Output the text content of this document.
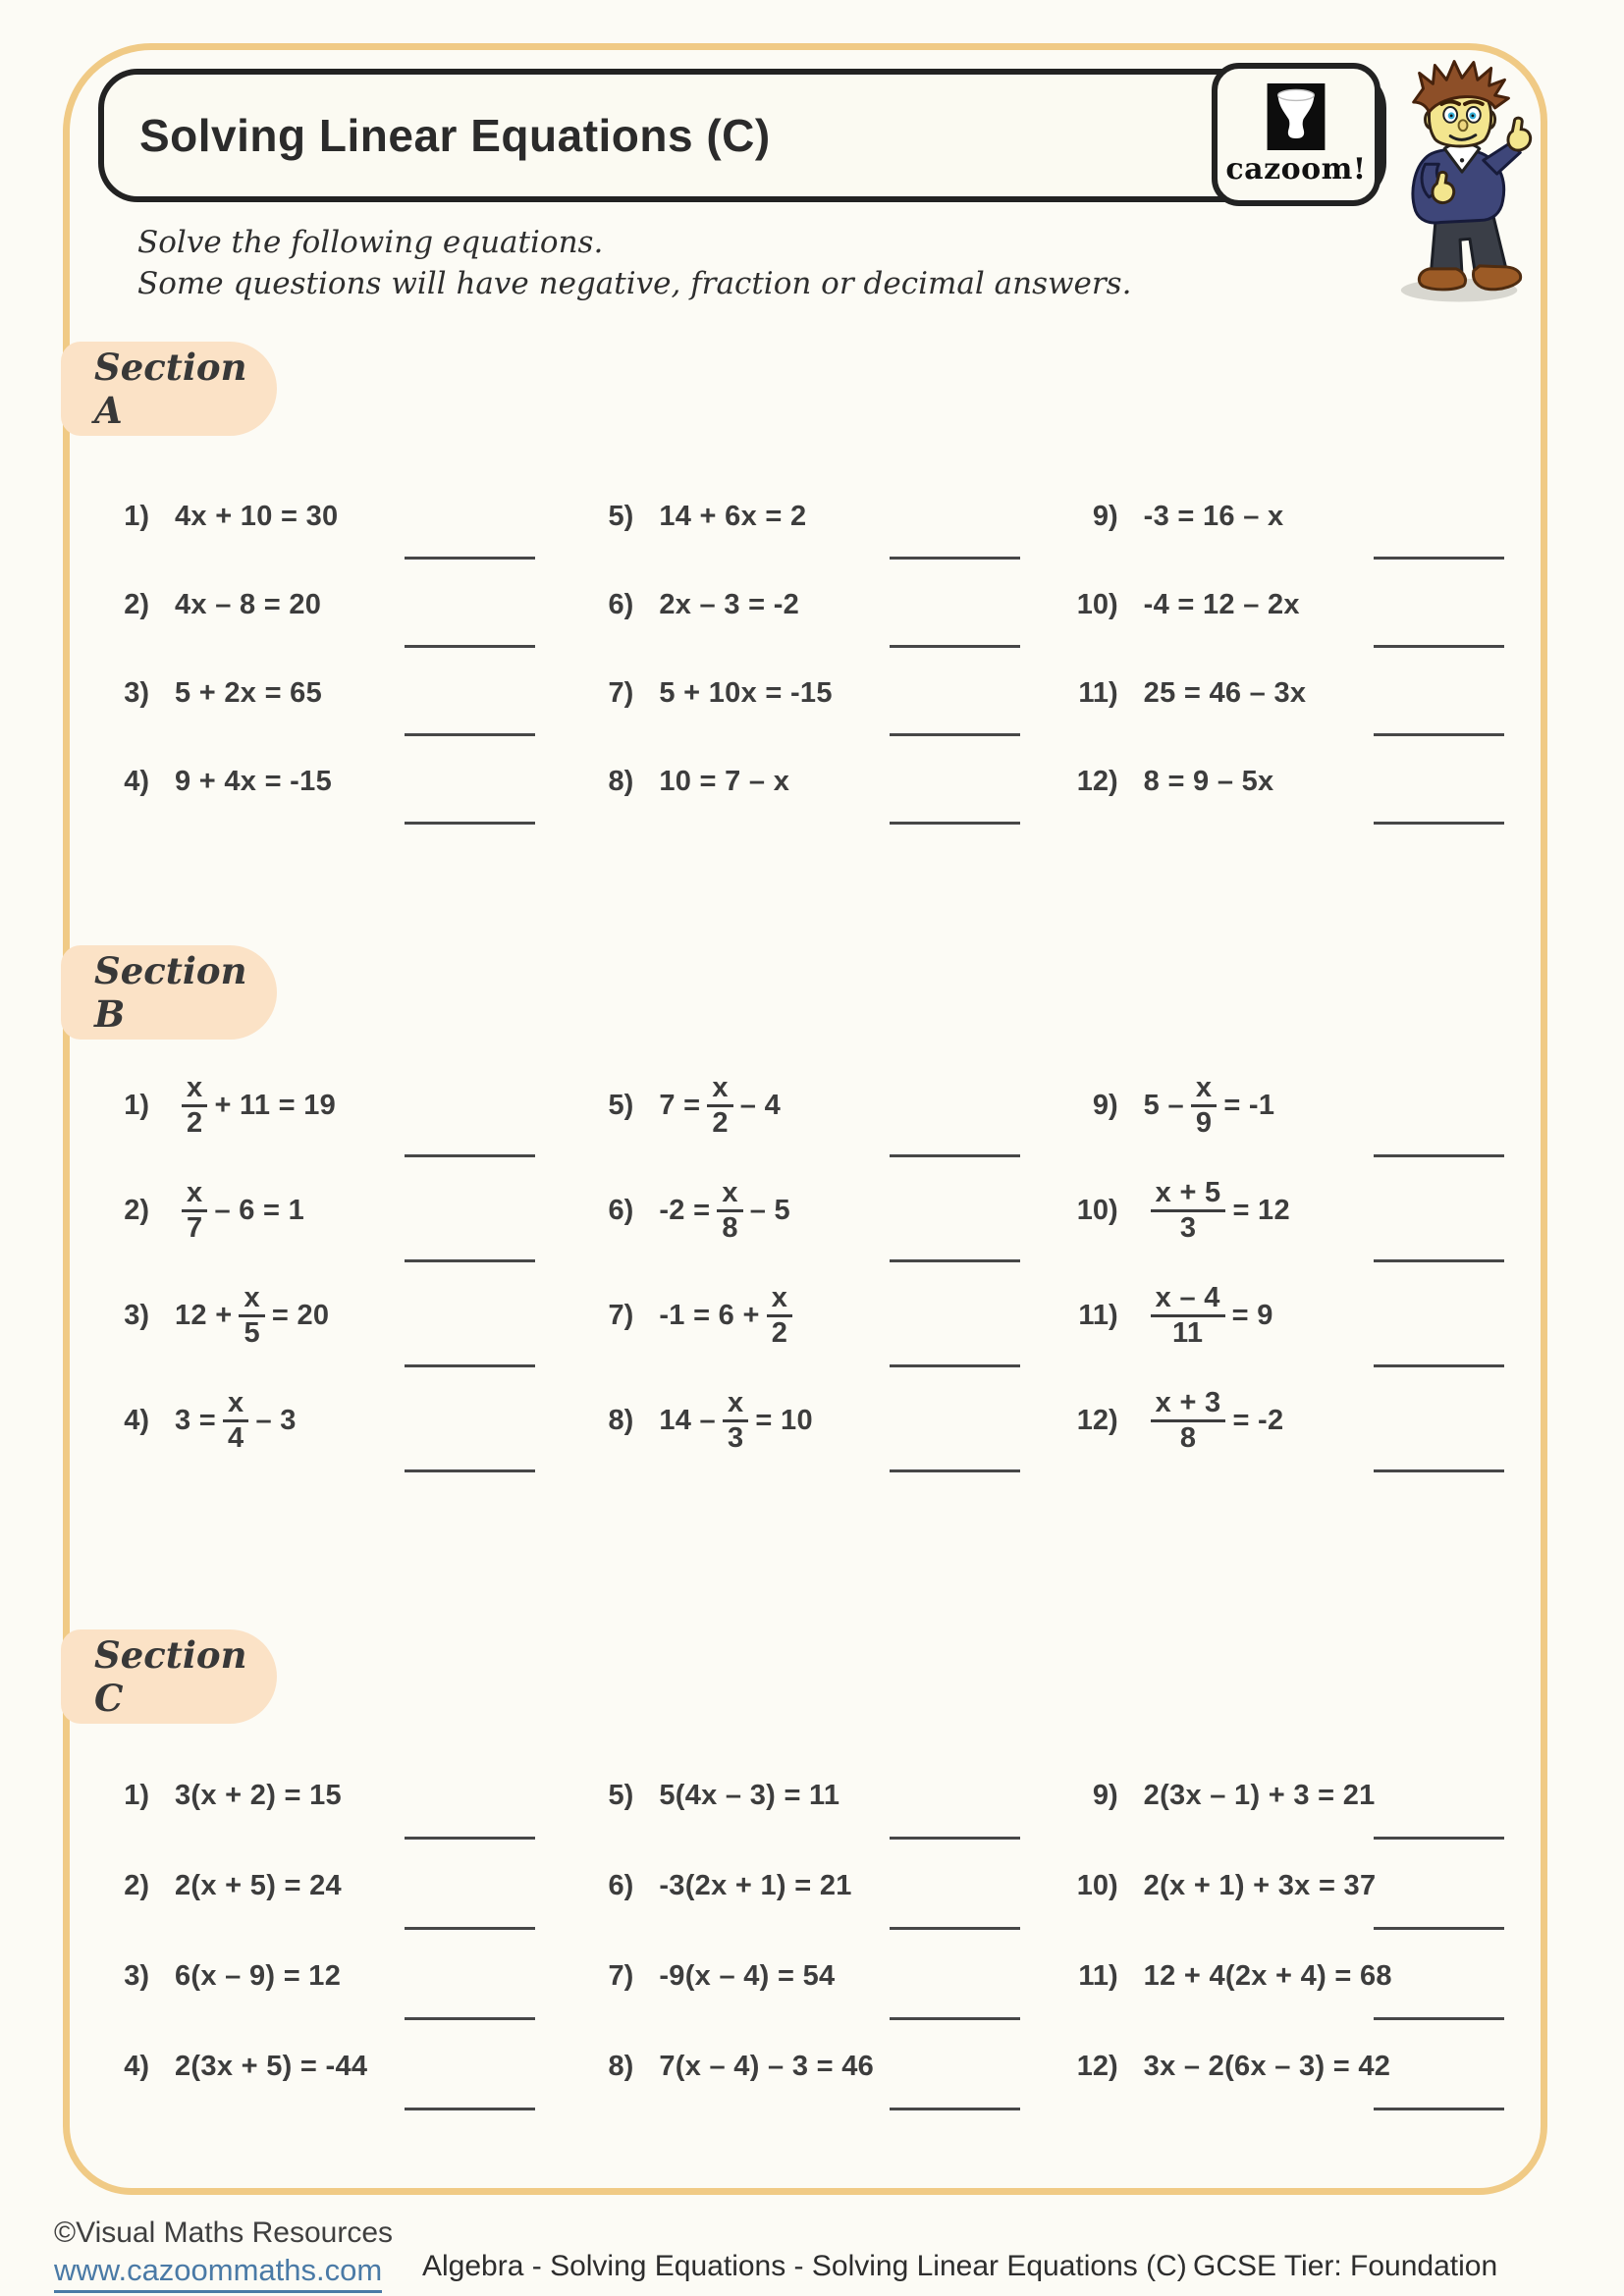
Solving Linear Equations (C)
cazoom!
Solve the following equations.
Some questions will have negative, fraction or decimal answers.
Section A
1) 4x + 10 = 30
2) 4x – 8 = 20
3) 5 + 2x = 65
4) 9 + 4x = -15
5) 14 + 6x = 2
6) 2x – 3 = -2
7) 5 + 10x = -15
8) 10 = 7 – x
9) -3 = 16 – x
10) -4 = 12 – 2x
11) 25 = 46 – 3x
12) 8 = 9 – 5x
Section B
$1) \frac{x}{2} + 11 = 19$
$2) \frac{x}{7} - 6 = 1$
3) $12 + \frac{x}{5} = 20$
4) $3 = \frac{x}{4} - 3$
5) $7 = \frac{x}{2} - 4$
6) $-2 = \frac{x}{8} - 5$
7) $-1 = 6 + \frac{x}{2}$
8) $14 - \frac{x}{3} = 10$
9) $5 - \frac{x}{9} = -1$
$10) \frac{x + 5}{3} = 12$
$11) \frac{x - 4}{11} = 9$
$12) \frac{x + 3}{8} = -2$
Section C
1) 3(x + 2) = 15
2) 2(x + 5) = 24
3) 6(x – 9) = 12
4) 2(3x + 5) = -44
5) 5(4x – 3) = 11
6) -3(2x + 1) = 21
7) -9(x – 4) = 54
8) 7(x – 4) – 3 = 46
9) 2(3x – 1) + 3 = 21
10) 2(x + 1) + 3x = 37
11) 12 + 4(2x + 4) = 68
12) 3x – 2(6x – 3) = 42
©Visual Maths Resources
www.cazoommaths.com	Algebra - Solving Equations - Solving Linear Equations (C) GCSE Tier: Foundation
